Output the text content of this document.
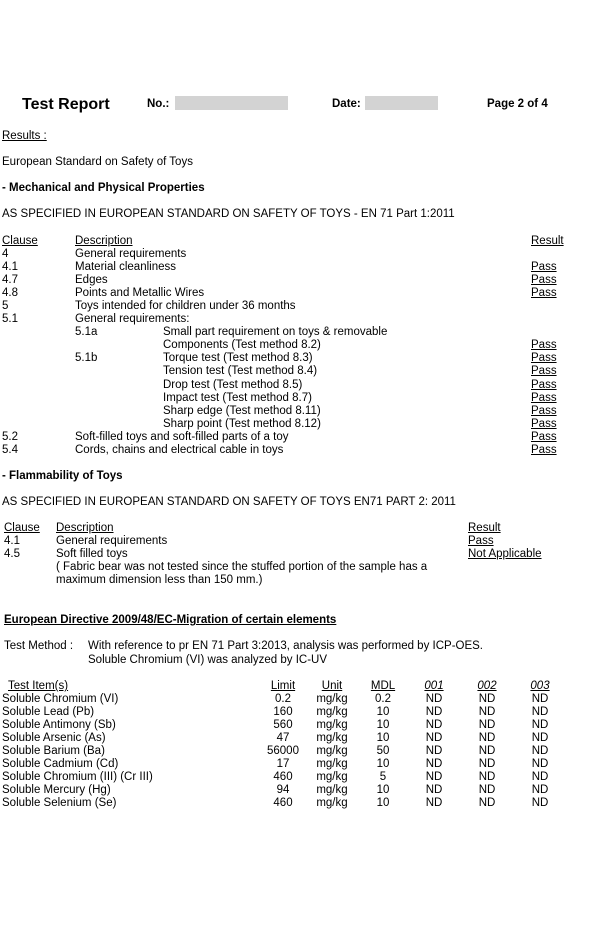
Test Report	No.:	Date:	Page 2 of 4
Results :
European Standard on Safety of Toys
- Mechanical and Physical Properties
AS SPECIFIED IN EUROPEAN STANDARD ON SAFETY OF TOYS - EN 71 Part 1:2011
Clause	Description	Result
4	General requirements
4.1	Material cleanliness	Pass
4.7	Edges	Pass
4.8	Points and Metallic Wires	Pass
5	Toys intended for children under 36 months
5.1	General requirements:
5.1a	Small part requirement on toys & removable
Components (Test method 8.2)	Pass
5.1b	Torque test (Test method 8.3)	Pass
Tension test (Test method 8.4)	Pass
Drop test (Test method 8.5)	Pass
Impact test (Test method 8.7)	Pass
Sharp edge (Test method 8.11)	Pass
Sharp point (Test method 8.12)	Pass
5.2	Soft-filled toys and soft-filled parts of a toy	Pass
5.4	Cords, chains and electrical cable in toys	Pass
- Flammability of Toys
AS SPECIFIED IN EUROPEAN STANDARD ON SAFETY OF TOYS EN71 PART 2: 2011
Clause Description	Result
4.1	General requirements	Pass
4.5	Soft filled toys	Not Applicable
( Fabric bear was not tested since the stuffed portion of the sample has a
maximum dimension less than 150 mm.)
European Directive 2009/48/EC-Migration of certain elements
Test Method : With reference to pr EN 71 Part 3:2013, analysis was performed by ICP-OES.
Soluble Chromium (VI) was analyzed by IC-UV
Test Item(s)	Limit	Unit	MDL	001	002	003
Soluble Chromium (VI)	0.2	mg/kg	0.2	ND	ND	ND
Soluble Lead (Pb)	160	mg/kg	10	ND	ND	ND
Soluble Antimony (Sb)	560	mg/kg	10	ND	ND	ND
Soluble Arsenic (As)	47	mg/kg	10	ND	ND	ND
Soluble Barium (Ba)	56000	mg/kg	50	ND	ND	ND
Soluble Cadmium (Cd)	17	mg/kg	10	ND	ND	ND
Soluble Chromium (III) (Cr III)	460	mg/kg	5	ND	ND	ND
Soluble Mercury (Hg)	94	mg/kg	10	ND	ND	ND
Soluble Selenium (Se)	460	mg/kg	10	ND	ND	ND
